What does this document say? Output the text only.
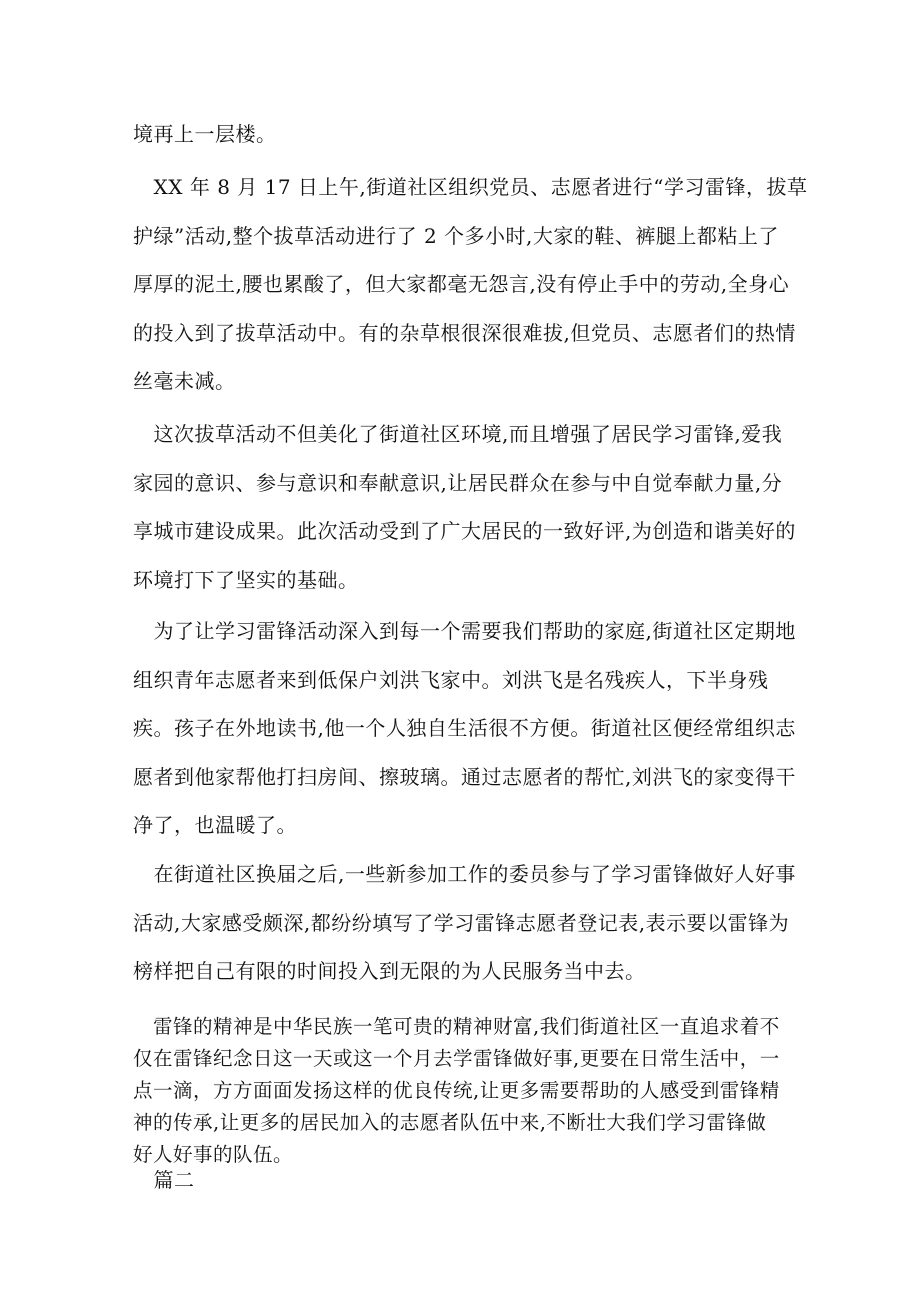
境再上一层楼。
　XX 年 8 月 17 日上午,街道社区组织党员、志愿者进行“学习雷锋，拔草
护绿”活动,整个拔草活动进行了 2 个多小时,大家的鞋、裤腿上都粘上了
厚厚的泥土,腰也累酸了，但大家都毫无怨言,没有停止手中的劳动,全身心
的投入到了拔草活动中。有的杂草根很深很难拔,但党员、志愿者们的热情
丝毫未减。
　这次拔草活动不但美化了街道社区环境,而且增强了居民学习雷锋,爱我
家园的意识、参与意识和奉献意识,让居民群众在参与中自觉奉献力量,分
享城市建设成果。此次活动受到了广大居民的一致好评,为创造和谐美好的
环境打下了坚实的基础。
　为了让学习雷锋活动深入到每一个需要我们帮助的家庭,街道社区定期地
组织青年志愿者来到低保户刘洪飞家中。刘洪飞是名残疾人，下半身残
疾。孩子在外地读书,他一个人独自生活很不方便。街道社区便经常组织志
愿者到他家帮他打扫房间、擦玻璃。通过志愿者的帮忙,刘洪飞的家变得干
净了，也温暖了。
　在街道社区换届之后,一些新参加工作的委员参与了学习雷锋做好人好事
活动,大家感受颇深,都纷纷填写了学习雷锋志愿者登记表,表示要以雷锋为
榜样把自己有限的时间投入到无限的为人民服务当中去。
　雷锋的精神是中华民族一笔可贵的精神财富,我们街道社区一直追求着不
仅在雷锋纪念日这一天或这一个月去学雷锋做好事,更要在日常生活中，一
点一滴，方方面面发扬这样的优良传统,让更多需要帮助的人感受到雷锋精
神的传承,让更多的居民加入的志愿者队伍中来,不断壮大我们学习雷锋做
好人好事的队伍。
　篇二
